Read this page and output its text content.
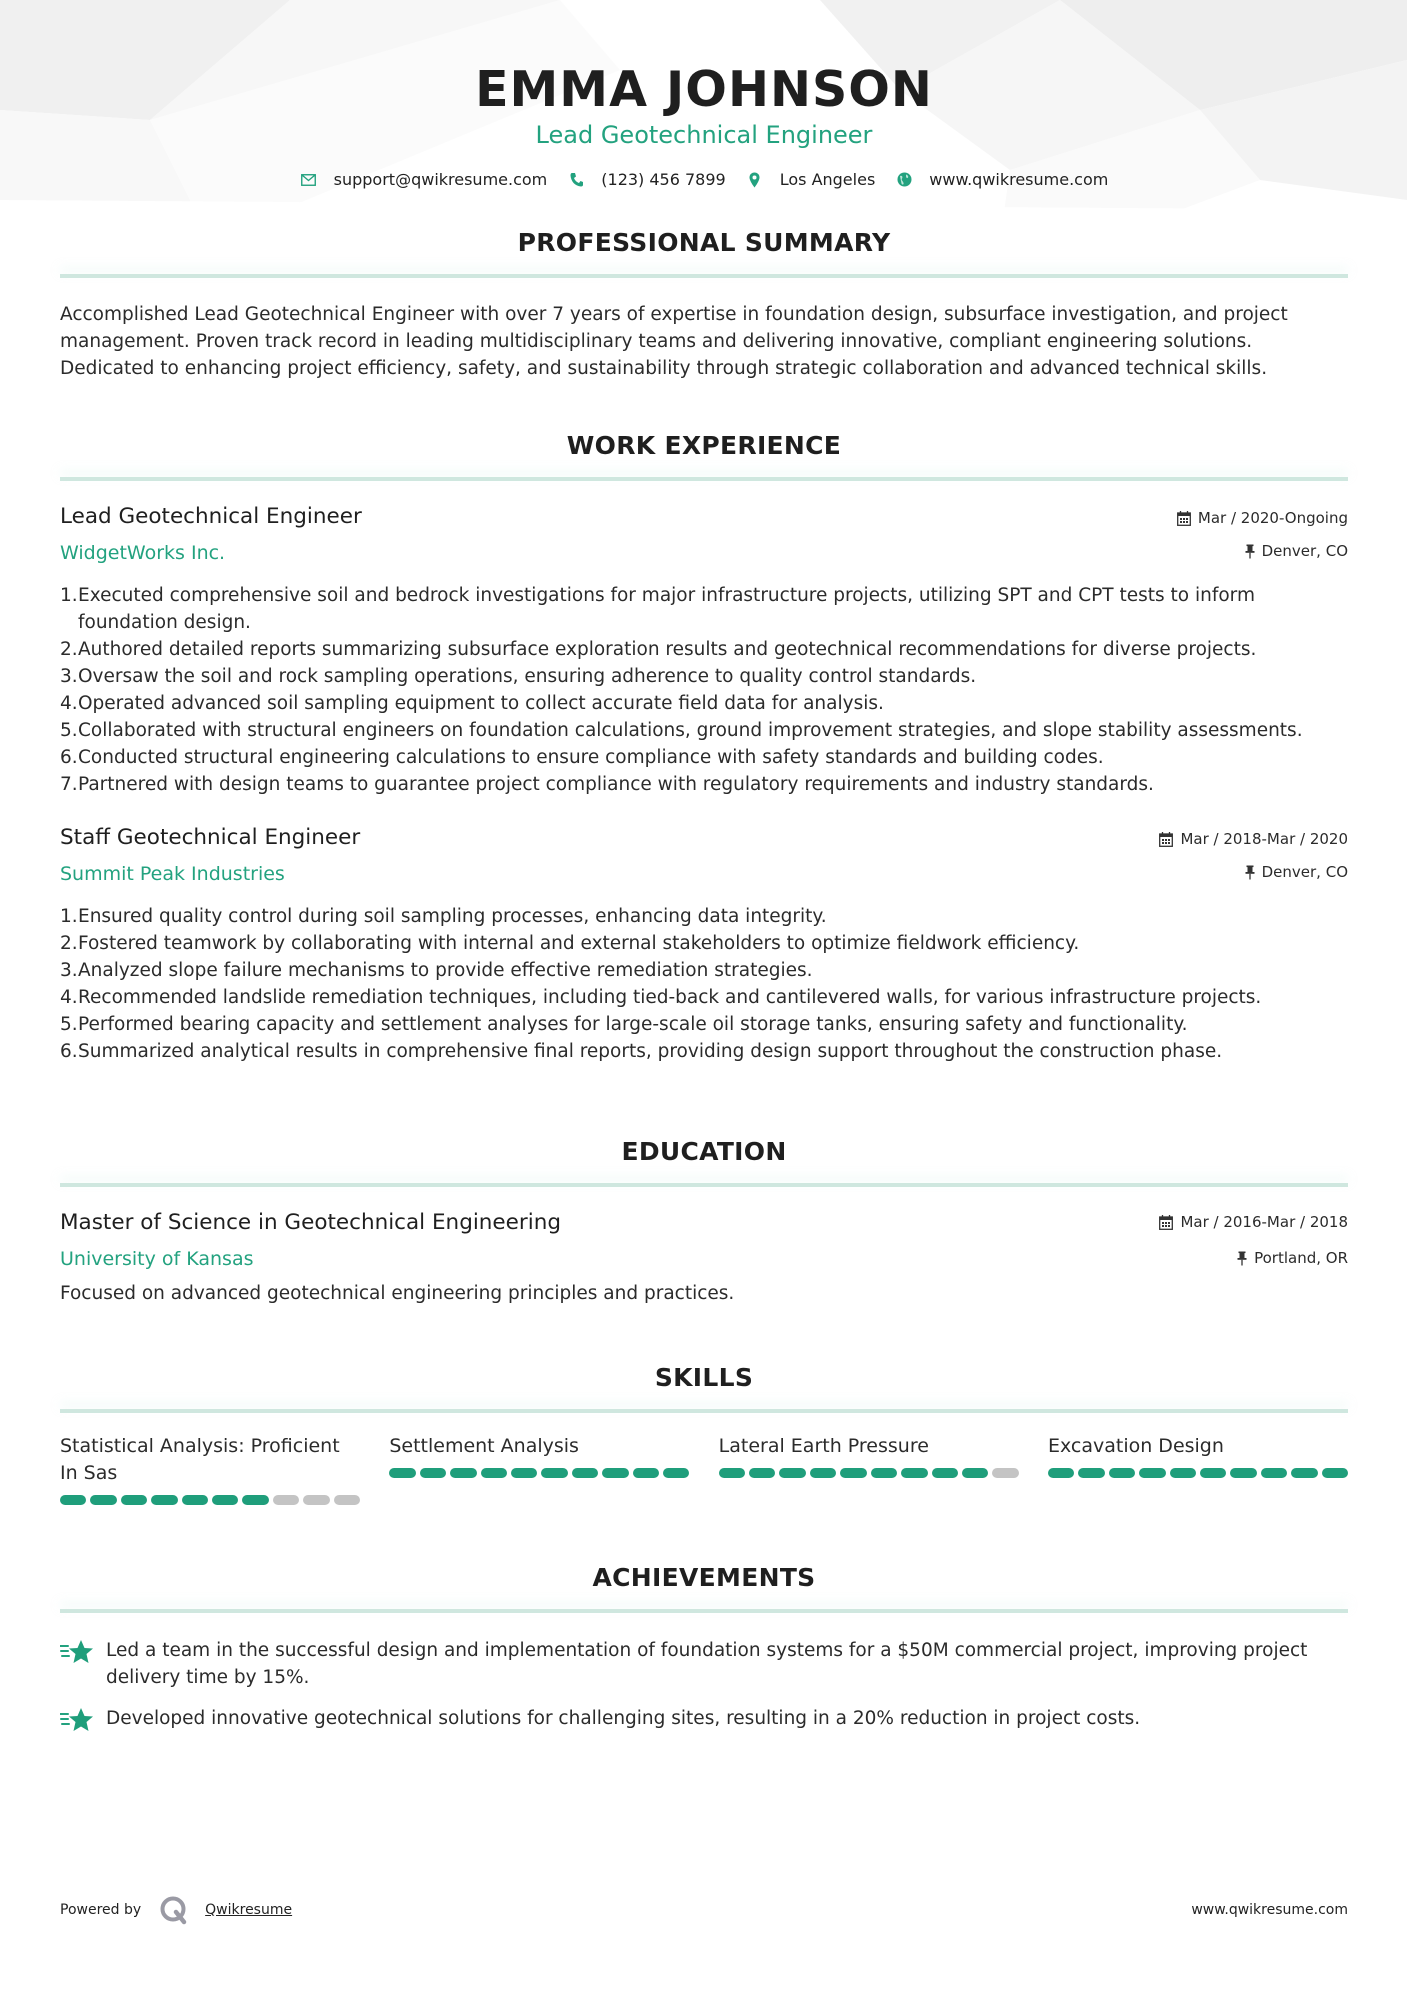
EMMA JOHNSON
Lead Geotechnical Engineer
support@qwikresume.com	(123) 456 7899	Los Angeles	www.qwikresume.com
PROFESSIONAL SUMMARY

Accomplished Lead Geotechnical Engineer with over 7 years of expertise in foundation design, subsurface investigation, and project management. Proven track record in leading multidisciplinary teams and delivering innovative, compliant engineering solutions. Dedicated to enhancing project efficiency, safety, and sustainability through strategic collaboration and advanced technical skills.

WORK EXPERIENCE
Lead Geotechnical Engineer
WidgetWorks Inc.
Mar / 2020-Ongoing
Denver, CO
1. Executed comprehensive soil and bedrock investigations for major infrastructure projects, utilizing SPT and CPT tests to inform foundation design.
2. Authored detailed reports summarizing subsurface exploration results and geotechnical recommendations for diverse projects.
3. Oversaw the soil and rock sampling operations, ensuring adherence to quality control standards.
4. Operated advanced soil sampling equipment to collect accurate field data for analysis.
5. Collaborated with structural engineers on foundation calculations, ground improvement strategies, and slope stability assessments.
6. Conducted structural engineering calculations to ensure compliance with safety standards and building codes.
7. Partnered with design teams to guarantee project compliance with regulatory requirements and industry standards.
Staff Geotechnical Engineer
Summit Peak Industries
Mar / 2018-Mar / 2020
Denver, CO
1. Ensured quality control during soil sampling processes, enhancing data integrity.
2. Fostered teamwork by collaborating with internal and external stakeholders to optimize fieldwork efficiency.
3. Analyzed slope failure mechanisms to provide effective remediation strategies.
4. Recommended landslide remediation techniques, including tied-back and cantilevered walls, for various infrastructure projects.
5. Performed bearing capacity and settlement analyses for large-scale oil storage tanks, ensuring safety and functionality.
6. Summarized analytical results in comprehensive final reports, providing design support throughout the construction phase.
EDUCATION
Master of Science in Geotechnical Engineering
University of Kansas
Mar / 2016-Mar / 2018
Portland, OR

Focused on advanced geotechnical engineering principles and practices.

SKILLS
Statistical Analysis: Proficient In Sas
Settlement Analysis	Lateral Earth Pressure	Excavation Design
ACHIEVEMENTS
Led a team in the successful design and implementation of foundation systems for a $50M commercial project, improving project delivery time by 15%.
Developed innovative geotechnical solutions for challenging sites, resulting in a 20% reduction in project costs.
Powered by	Qwikresume	www.qwikresume.com
